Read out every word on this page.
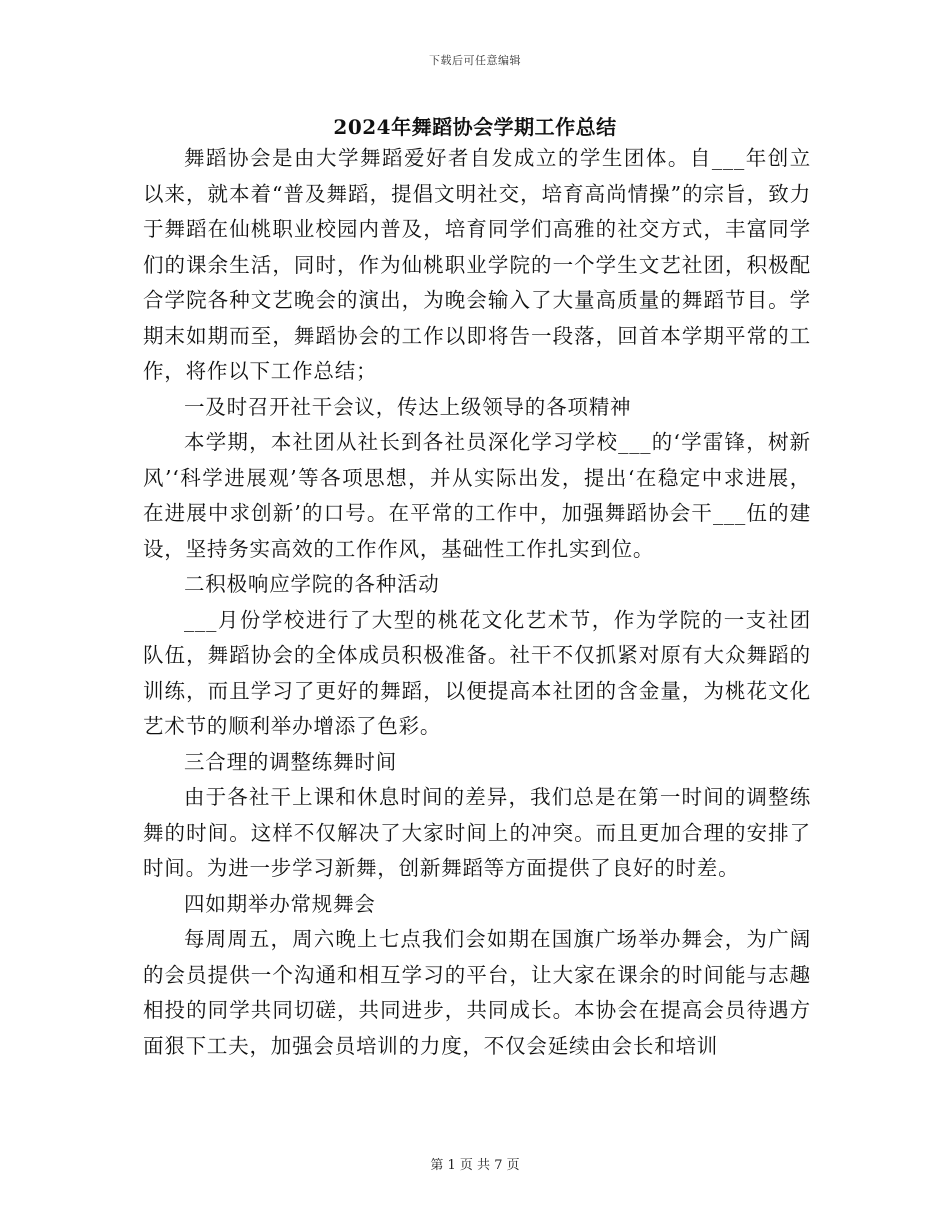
下载后可任意编辑
2024年舞蹈协会学期工作总结

舞蹈协会是由大学舞蹈爱好者自发成立的学生团体。自___年创立以来，就本着“普及舞蹈，提倡文明社交，培育高尚情操”的宗旨，致力于舞蹈在仙桃职业校园内普及，培育同学们高雅的社交方式，丰富同学们的课余生活，同时，作为仙桃职业学院的一个学生文艺社团，积极配合学院各种文艺晚会的演出，为晚会输入了大量高质量的舞蹈节目。学期末如期而至，舞蹈协会的工作以即将告一段落，回首本学期平常的工作，将作以下工作总结；

一及时召开社干会议，传达上级领导的各项精神

本学期，本社团从社长到各社员深化学习学校___的‘学雷锋，树新风’‘科学进展观’等各项思想，并从实际出发，提出‘在稳定中求进展，在进展中求创新’的口号。在平常的工作中，加强舞蹈协会干___伍的建设，坚持务实高效的工作作风，基础性工作扎实到位。

二积极响应学院的各种活动

___月份学校进行了大型的桃花文化艺术节，作为学院的一支社团队伍，舞蹈协会的全体成员积极准备。社干不仅抓紧对原有大众舞蹈的训练，而且学习了更好的舞蹈，以便提高本社团的含金量，为桃花文化艺术节的顺利举办增添了色彩。

三合理的调整练舞时间

由于各社干上课和休息时间的差异，我们总是在第一时间的调整练舞的时间。这样不仅解决了大家时间上的冲突。而且更加合理的安排了时间。为进一步学习新舞，创新舞蹈等方面提供了良好的时差。

四如期举办常规舞会

每周周五，周六晚上七点我们会如期在国旗广场举办舞会，为广阔的会员提供一个沟通和相互学习的平台，让大家在课余的时间能与志趣相投的同学共同切磋，共同进步，共同成长。本协会在提高会员待遇方面狠下工夫，加强会员培训的力度，不仅会延续由会长和培训

第 1 页 共 7 页
